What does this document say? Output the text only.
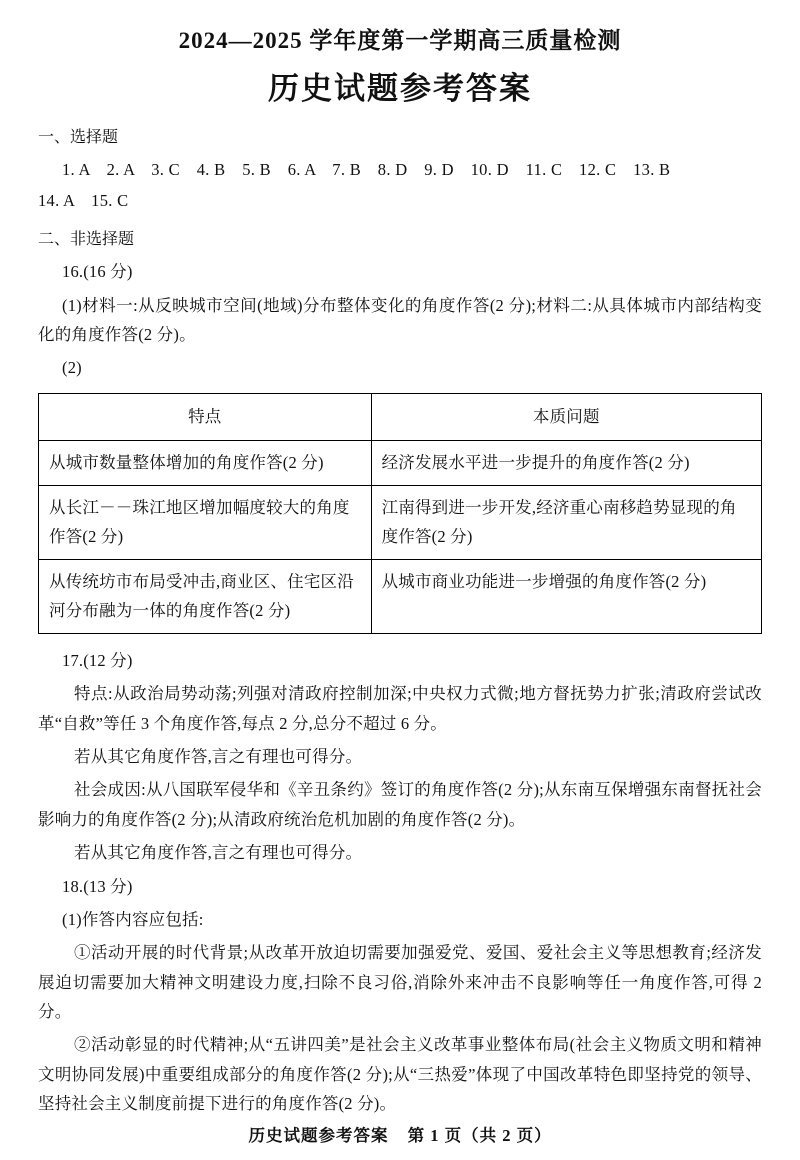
2024—2025 学年度第一学期高三质量检测
历史试题参考答案
一、选择题

1. A　2. A　3. C　4. B　5. B　6. A　7. B　8. D　9. D　10. D　11. C　12. C　13. B

14. A　15. C

二、非选择题

16.(16 分)

(1)材料一:从反映城市空间(地域)分布整体变化的角度作答(2 分);材料二:从具体城市内部结构变化的角度作答(2 分)。

(2)

特点	本质问题
从城市数量整体增加的角度作答(2 分)	经济发展水平进一步提升的角度作答(2 分)
从长江－－珠江地区增加幅度较大的角度作答(2 分)	江南得到进一步开发,经济重心南移趋势显现的角度作答(2 分)
从传统坊市布局受冲击,商业区、住宅区沿河分布融为一体的角度作答(2 分)	从城市商业功能进一步增强的角度作答(2 分)

17.(12 分)

特点:从政治局势动荡;列强对清政府控制加深;中央权力式微;地方督抚势力扩张;清政府尝试改革“自救”等任 3 个角度作答,每点 2 分,总分不超过 6 分。

若从其它角度作答,言之有理也可得分。

社会成因:从八国联军侵华和《辛丑条约》签订的角度作答(2 分);从东南互保增强东南督抚社会影响力的角度作答(2 分);从清政府统治危机加剧的角度作答(2 分)。

若从其它角度作答,言之有理也可得分。

18.(13 分)

(1)作答内容应包括:

①活动开展的时代背景;从改革开放迫切需要加强爱党、爱国、爱社会主义等思想教育;经济发展迫切需要加大精神文明建设力度,扫除不良习俗,消除外来冲击不良影响等任一角度作答,可得 2 分。

②活动彰显的时代精神;从“五讲四美”是社会主义改革事业整体布局(社会主义物质文明和精神文明协同发展)中重要组成部分的角度作答(2 分);从“三热爱”体现了中国改革特色即坚持党的领导、坚持社会主义制度前提下进行的角度作答(2 分)。

历史试题参考答案 第 1 页（共 2 页）
